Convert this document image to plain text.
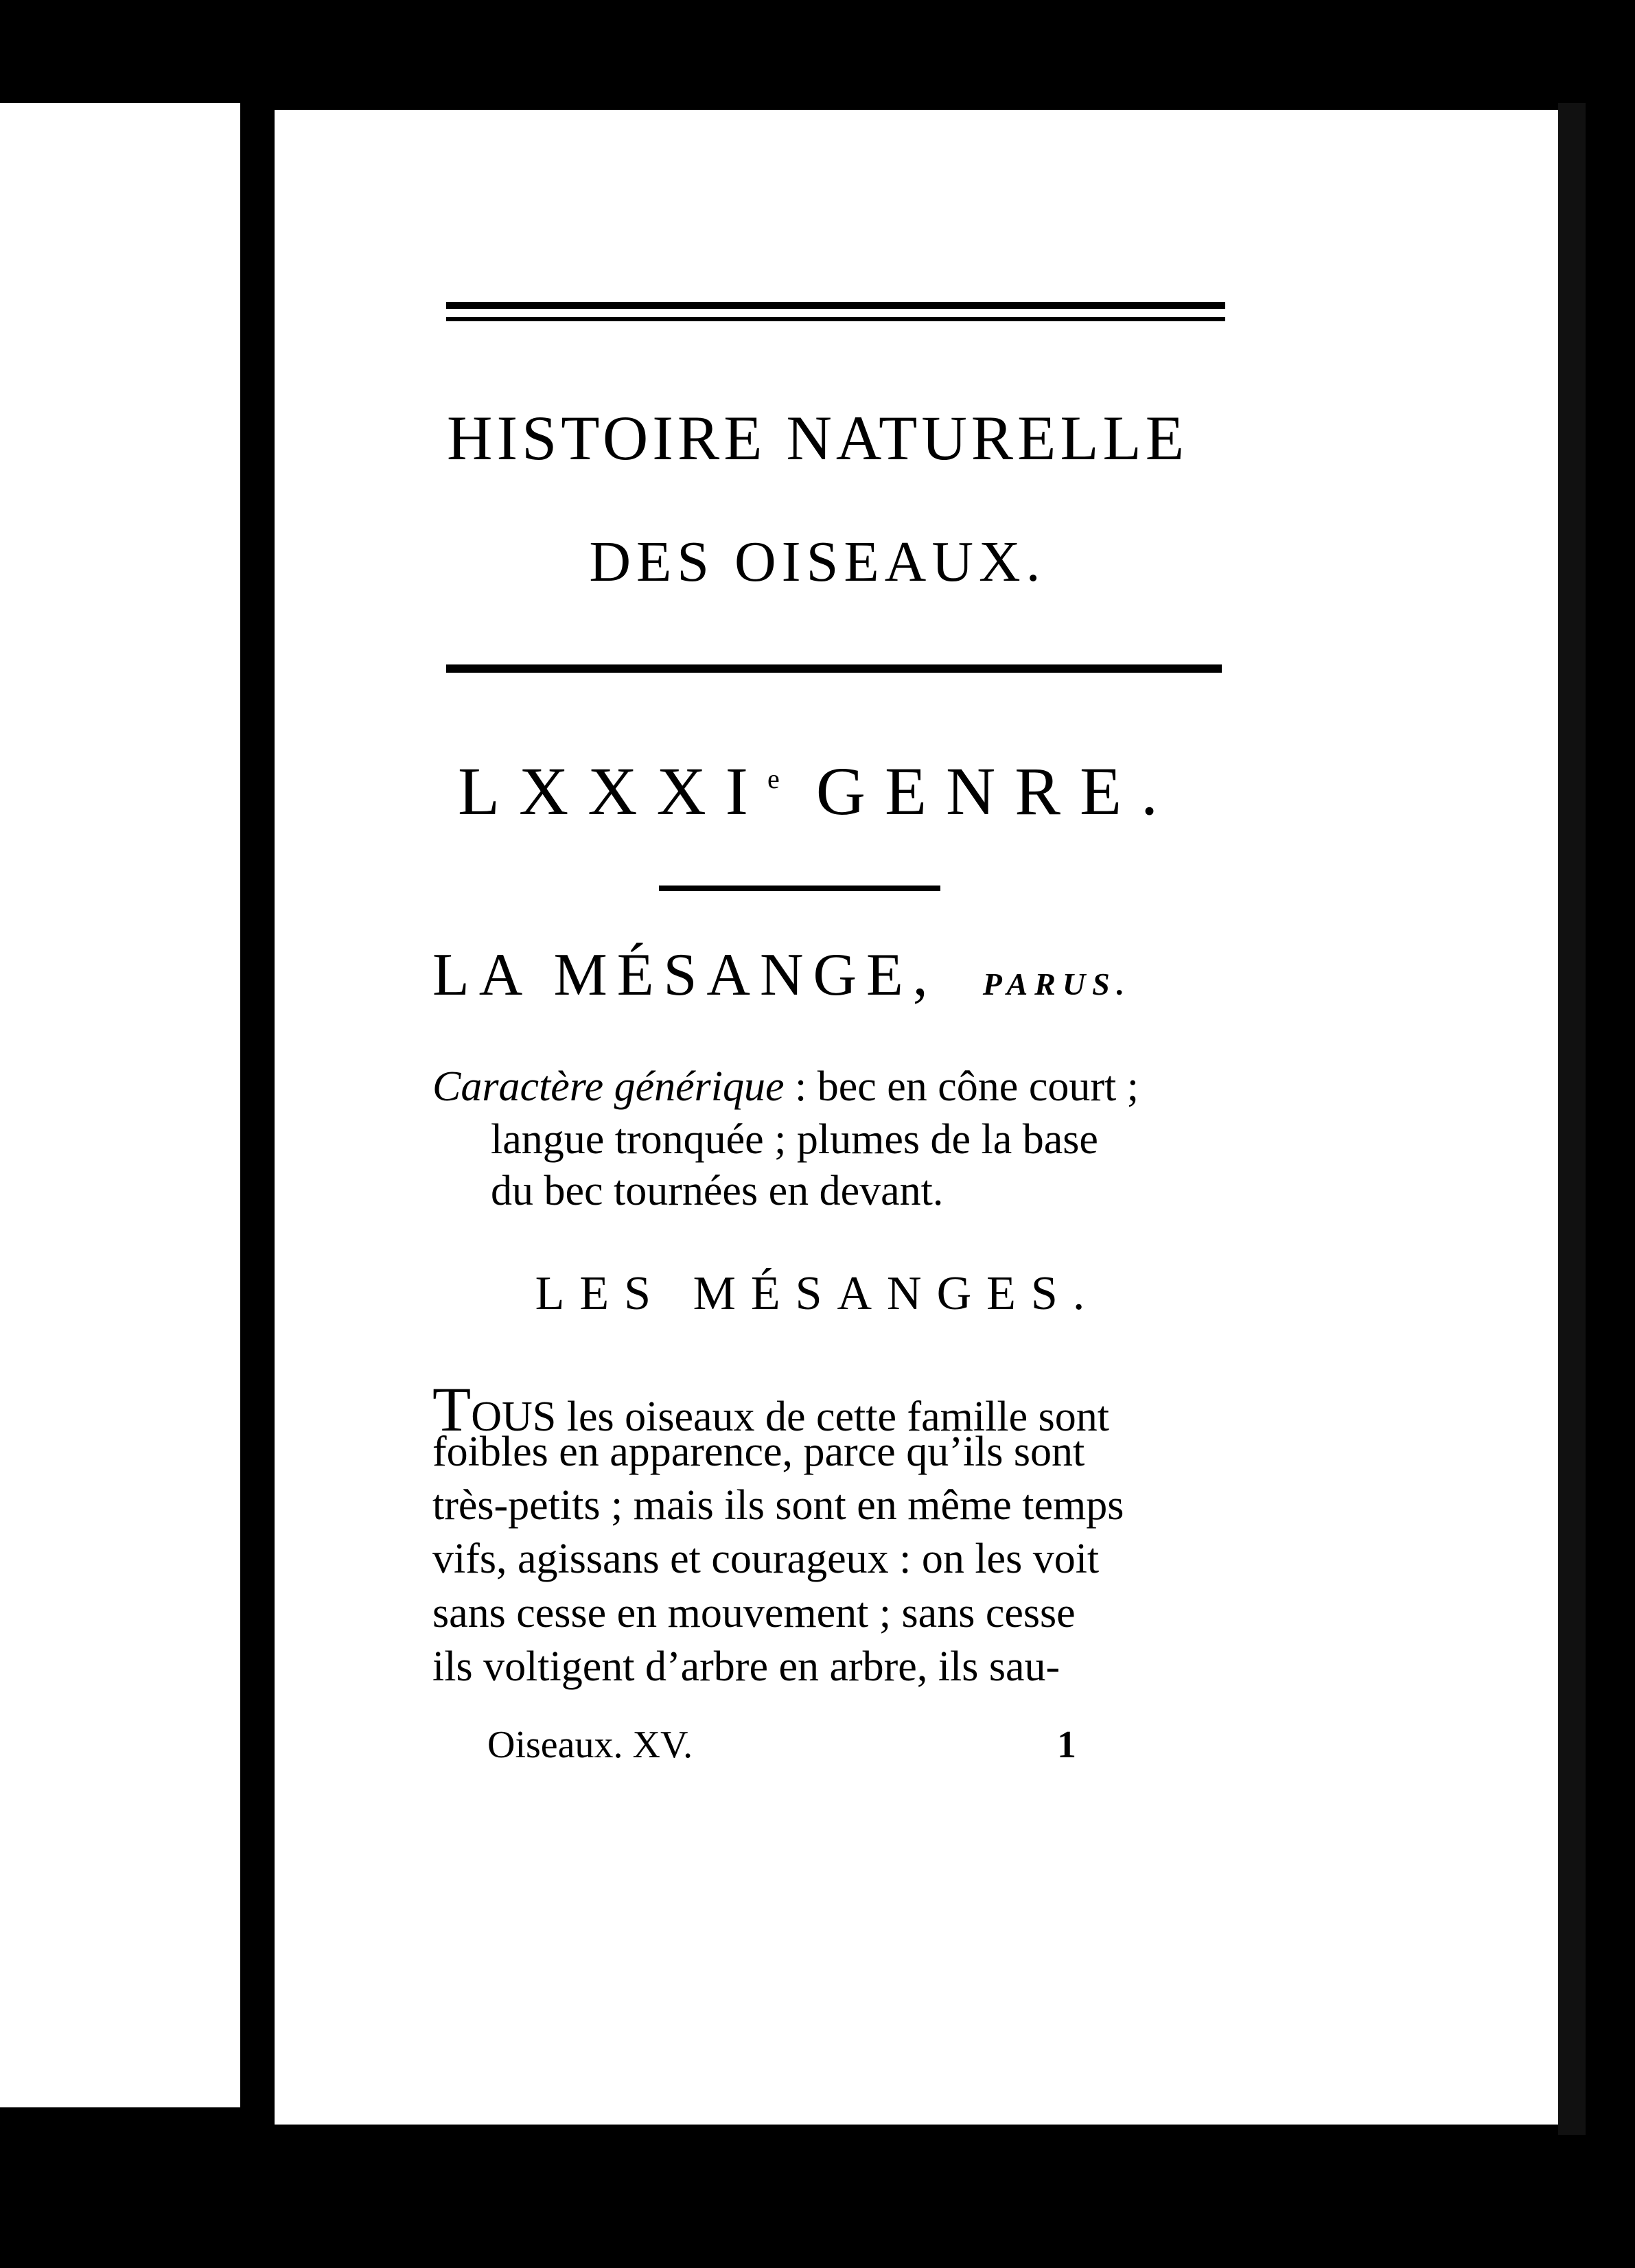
HISTOIRE NATURELLE
DES OISEAUX.
LXXXIe GENRE.
LA MÉSANGE, PARUS.
Caractère générique : bec en cône court ;
langue tronquée ; plumes de la base
du bec tournées en devant.
LES MÉSANGES.
TOUS les oiseaux de cette famille sont
foibles en apparence, parce qu’ils sont
très-petits ; mais ils sont en même temps
vifs, agissans et courageux : on les voit
sans cesse en mouvement ; sans cesse
ils voltigent d’arbre en arbre, ils sau-
Oiseaux. XV.	1
